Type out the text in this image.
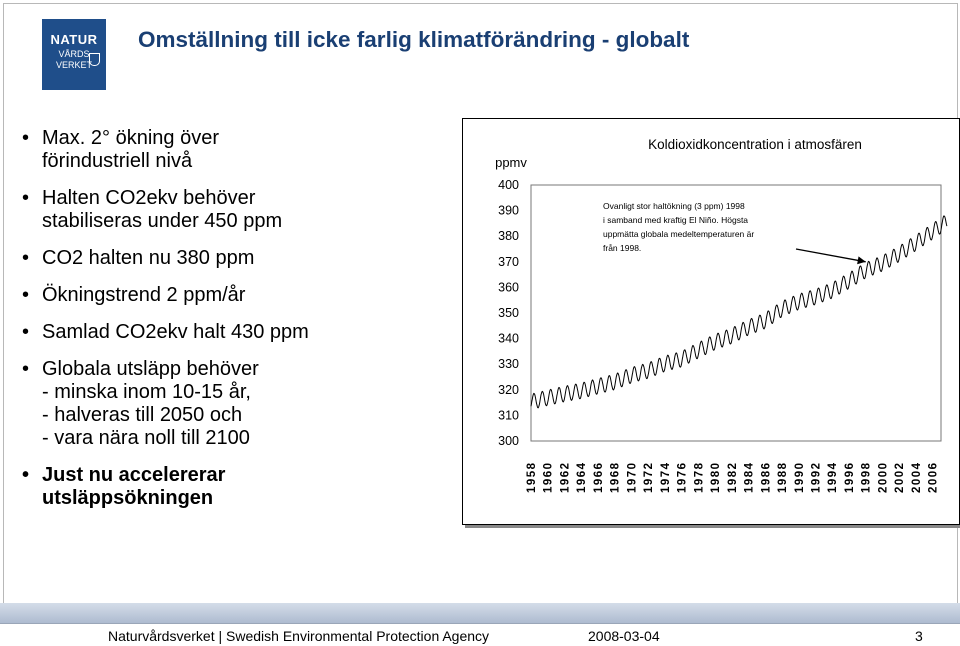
NATUR
VÅRDS
VERKET
Omställning till icke farlig klimatförändring - globalt
• Max. 2° ökning över
förindustriell nivå
• Halten CO2ekv behöver
stabiliseras under 450 ppm
• CO2 halten nu 380 ppm
• Ökningstrend 2 ppm/år
• Samlad CO2ekv halt 430 ppm
• Globala utsläpp behöver
- minska inom 10-15 år,
- halveras till 2050 och
- vara nära noll till 2100
• Just nu accelererar
utsläppsökningen
Koldioxidkoncentration i atmosfären
ppmv
Ovanligt stor haltökning (3 ppm) 1998 i samband med kraftig El Niño. Högsta uppmätta globala medeltemperaturen är från 1998.
400
390
380
370
360
350
340
330
320
310
300
1958 1960 1962 1964 1966 1968 1970 1972 1974 1976 1978 1980 1982 1984 1986 1988 1990 1992 1994 1996 1998 2000 2002 2004 2006
Naturvårdsverket | Swedish Environmental Protection Agency	2008-03-04	3
